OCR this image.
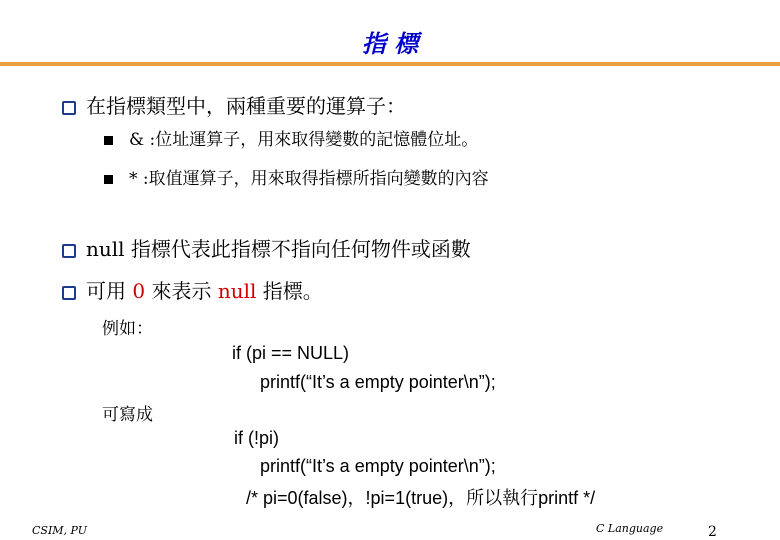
指 標
在指標類型中，兩種重要的運算子：
& :位址運算子，用來取得變數的記憶體位址。
* :取值運算子，用來取得指標所指向變數的內容
null 指標代表此指標不指向任何物件或函數
可用 0 來表示 null 指標。
例如：
if (pi == NULL)
printf(“It’s a empty pointer\n”);
可寫成
if (!pi)
printf(“It’s a empty pointer\n”);
/* pi=0(false)，!pi=1(true)，所以執行printf */
CSIM, PU	C Language	2
